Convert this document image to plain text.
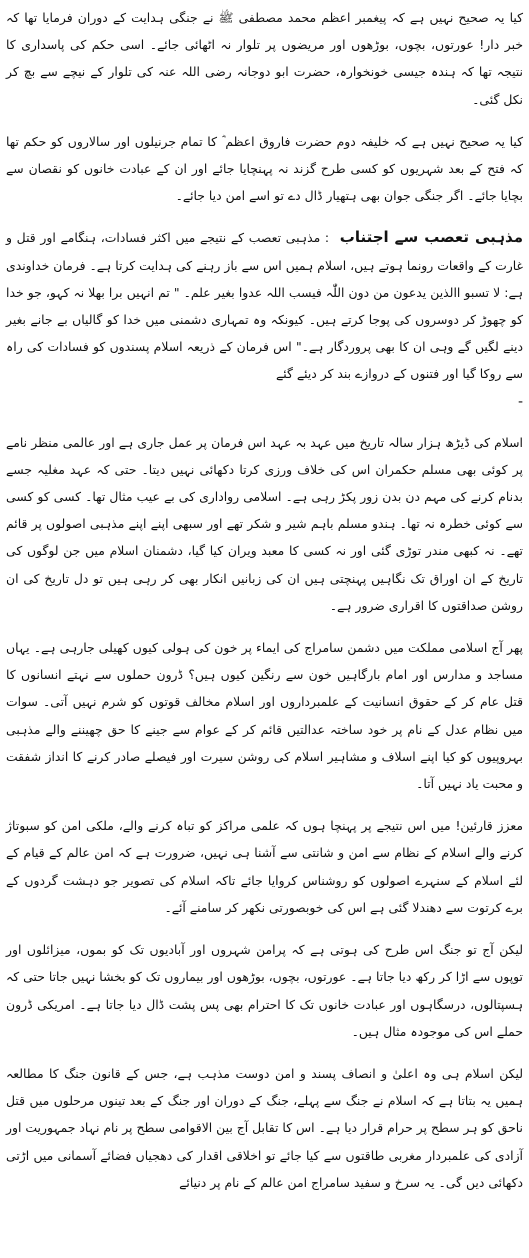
کیا یہ صحیح نہیں ہے کہ پیغمبر اعظم محمد مصطفی ﷺ نے جنگی ہدایت کے دوران فرمایا تھا کہ خبر دار! عورتوں، بچوں، بوڑھوں اور مریضوں پر تلوار نہ اٹھائی جائے۔ اسی حکم کی پاسداری کا نتیجہ تھا کہ ہندہ جیسی خونخوارہ، حضرت ابو دوجانہ رضی اللہ عنہ کی تلوار کے نیچے سے بچ کر نکل گئی۔

کیا یہ صحیح نہیں ہے کہ خلیفہ دوم حضرت فاروق اعظم ؓ کا تمام جرنیلوں اور سالاروں کو حکم تھا کہ فتح کے بعد شہریوں کو کسی طرح گزند نہ پہنچایا جائے اور ان کے عبادت خانوں کو نقصان سے بچایا جائے۔ اگر جنگی جوان بھی ہتھیار ڈال دے تو اسے امن دیا جائے۔

مذہبی تعصب سے اجتناب : مذہبی تعصب کے نتیجے میں اکثر فسادات، ہنگامے اور قتل و غارت کے واقعات رونما ہوتے ہیں، اسلام ہمیں اس سے باز رہنے کی ہدایت کرتا ہے۔ فرمان خداوندی ہے: لا تسبو االذین یدعون من دون اللّٰہ فیسب اللہ عدوا بغیر علم۔ " تم انہیں برا بھلا نہ کہو، جو خدا کو چھوڑ کر دوسروں کی پوجا کرتے ہیں۔ کیونکہ وہ تمہاری دشمنی میں خدا کو گالیاں بے جانے بغیر دینے لگیں گے وہی ان کا بھی پروردگار ہے۔" اس فرمان کے ذریعہ اسلام پسندوں کو فسادات کی راہ سے روکا گیا اور فتنوں کے دروازے بند کر دیئے گئے

-

اسلام کی ڈیڑھ ہزار سالہ تاریخ میں عہد بہ عہد اس فرمان پر عمل جاری ہے اور عالمی منظر نامے پر کوئی بھی مسلم حکمران اس کی خلاف ورزی کرتا دکھائی نہیں دیتا۔ حتی کہ عہد مغلیہ جسے بدنام کرنے کی مہم دن بدن زور پکڑ رہی ہے۔ اسلامی رواداری کی بے عیب مثال تھا۔ کسی کو کسی سے کوئی خطرہ نہ تھا۔ ہندو مسلم باہم شیر و شکر تھے اور سبھی اپنے اپنے مذہبی اصولوں پر قائم تھے۔ نہ کبھی مندر توڑی گئی اور نہ کسی کا معبد ویران کیا گیا، دشمنان اسلام میں جن لوگوں کی تاریخ کے ان اوراق تک نگاہیں پہنچتی ہیں ان کی زبانیں انکار بھی کر رہی ہیں تو دل تاریخ کی ان روشن صداقتوں کا اقراری ضرور ہے۔

پھر آج اسلامی مملکت میں دشمن سامراج کی ایماء پر خون کی ہولی کیوں کھیلی جارہی ہے۔ یہاں مساجد و مدارس اور امام بارگاہیں خون سے رنگین کیوں ہیں؟ ڈرون حملوں سے نہتے انسانوں کا قتل عام کر کے حقوق انسانیت کے علمبرداروں اور اسلام مخالف قوتوں کو شرم نہیں آتی۔ سوات میں نظام عدل کے نام پر خود ساختہ عدالتیں قائم کر کے عوام سے جینے کا حق چھیننے والے مذہبی بہروپیوں کو کیا اپنے اسلاف و مشاہیر اسلام کی روشن سیرت اور فیصلے صادر کرنے کا انداز شفقت و محبت یاد نہیں آتا۔

معزز قارئین! میں اس نتیجے پر پہنچا ہوں کہ علمی مراکز کو تباہ کرنے والے، ملکی امن کو سبوتاژ کرنے والے اسلام کے نظام سے امن و شانتی سے آشنا ہی نہیں، ضرورت ہے کہ امن عالم کے قیام کے لئے اسلام کے سنہرے اصولوں کو روشناس کروایا جائے تاکہ اسلام کی تصویر جو دہشت گردوں کے برے کرتوت سے دھندلا گئی ہے اس کی خوبصورتی نکھر کر سامنے آئے۔

لیکن آج تو جنگ اس طرح کی ہوتی ہے کہ پرامن شہروں اور آبادیوں تک کو بموں، میزائلوں اور توپوں سے اڑا کر رکھ دیا جاتا ہے۔ عورتوں، بچوں، بوڑھوں اور بیماروں تک کو بخشا نہیں جاتا حتی کہ ہسپتالوں، درسگاہوں اور عبادت خانوں تک کا احترام بھی پس پشت ڈال دیا جاتا ہے۔ امریکی ڈرون حملے اس کی موجودہ مثال ہیں۔

لیکن اسلام ہی وہ اعلیٰ و انصاف پسند و امن دوست مذہب ہے، جس کے قانون جنگ کا مطالعہ ہمیں یہ بتاتا ہے کہ اسلام نے جنگ سے پہلے، جنگ کے دوران اور جنگ کے بعد تینوں مرحلوں میں قتل ناحق کو ہر سطح پر حرام قرار دیا ہے۔ اس کا تقابل آج بین الاقوامی سطح پر نام نہاد جمہوریت اور آزادی کی علمبردار مغربی طاقتوں سے کیا جائے تو اخلاقی اقدار کی دھجیاں فضائے آسمانی میں اڑتی دکھائی دیں گی۔ یہ سرخ و سفید سامراج امن عالم کے نام پر دنیائے
